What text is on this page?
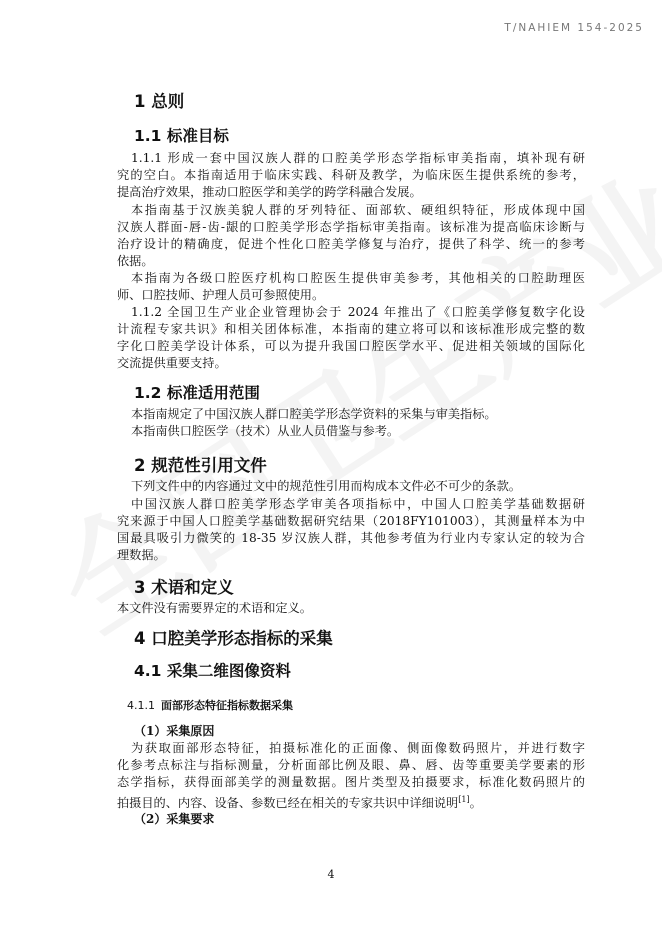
T/NAHIEM 154-2025
1 总则
1.1 标准目标
1.1.1 形成一套中国汉族人群的口腔美学形态学指标审美指南，填补现有研
究的空白。本指南适用于临床实践、科研及教学，为临床医生提供系统的参考，
提高治疗效果，推动口腔医学和美学的跨学科融合发展。
本指南基于汉族美貌人群的牙列特征、面部软、硬组织特征，形成体现中国
汉族人群面-唇-齿-龈的口腔美学形态学指标审美指南。该标准为提高临床诊断与
治疗设计的精确度，促进个性化口腔美学修复与治疗，提供了科学、统一的参考
依据。
本指南为各级口腔医疗机构口腔医生提供审美参考，其他相关的口腔助理医
师、口腔技师、护理人员可参照使用。
1.1.2 全国卫生产业企业管理协会于 2024 年推出了《口腔美学修复数字化设
计流程专家共识》和相关团体标准，本指南的建立将可以和该标准形成完整的数
字化口腔美学设计体系，可以为提升我国口腔医学水平、促进相关领域的国际化
交流提供重要支持。
1.2 标准适用范围
本指南规定了中国汉族人群口腔美学形态学资料的采集与审美指标。
本指南供口腔医学（技术）从业人员借鉴与参考。
2 规范性引用文件
下列文件中的内容通过文中的规范性引用而构成本文件必不可少的条款。
中国汉族人群口腔美学形态学审美各项指标中，中国人口腔美学基础数据研
究来源于中国人口腔美学基础数据研究结果（2018FY101003），其测量样本为中
国最具吸引力微笑的 18-35 岁汉族人群，其他参考值为行业内专家认定的较为合
理数据。
3 术语和定义
本文件没有需要界定的术语和定义。
4 口腔美学形态指标的采集
4.1 采集二维图像资料
4.1.1 面部形态特征指标数据采集
（1）采集原因
为获取面部形态特征，拍摄标准化的正面像、侧面像数码照片，并进行数字
化参考点标注与指标测量，分析面部比例及眼、鼻、唇、齿等重要美学要素的形
态学指标，获得面部美学的测量数据。图片类型及拍摄要求，标准化数码照片的
拍摄目的、内容、设备、参数已经在相关的专家共识中详细说明[1]。
（2）采集要求
4
